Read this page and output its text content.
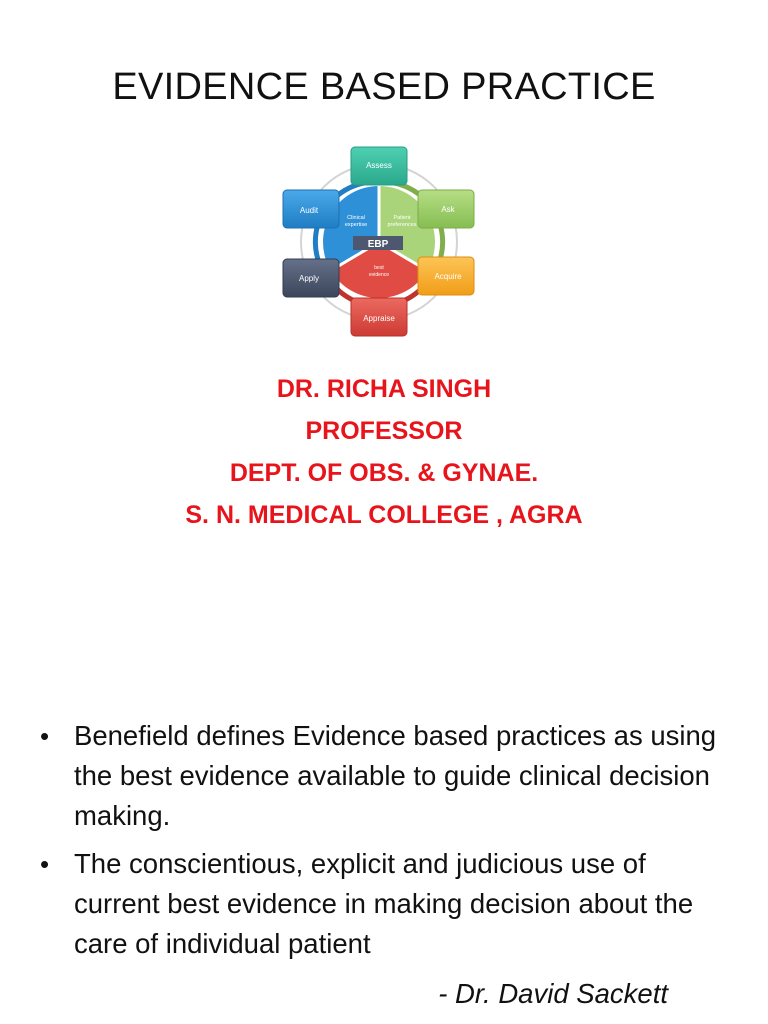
EVIDENCE BASED PRACTICE
Clinical
expertise
Patient
preferences
best
evidence
EBP
Assess
Ask
Acquire
Appraise
Apply
Audit
DR. RICHA SINGH
PROFESSOR
DEPT. OF OBS. & GYNAE.
S. N. MEDICAL COLLEGE , AGRA
• Benefield defines Evidence based practices as using the best evidence available to guide clinical decision making.
• The conscientious, explicit and judicious use of current best evidence in making decision about the care of individual patient
- Dr. David Sackett
